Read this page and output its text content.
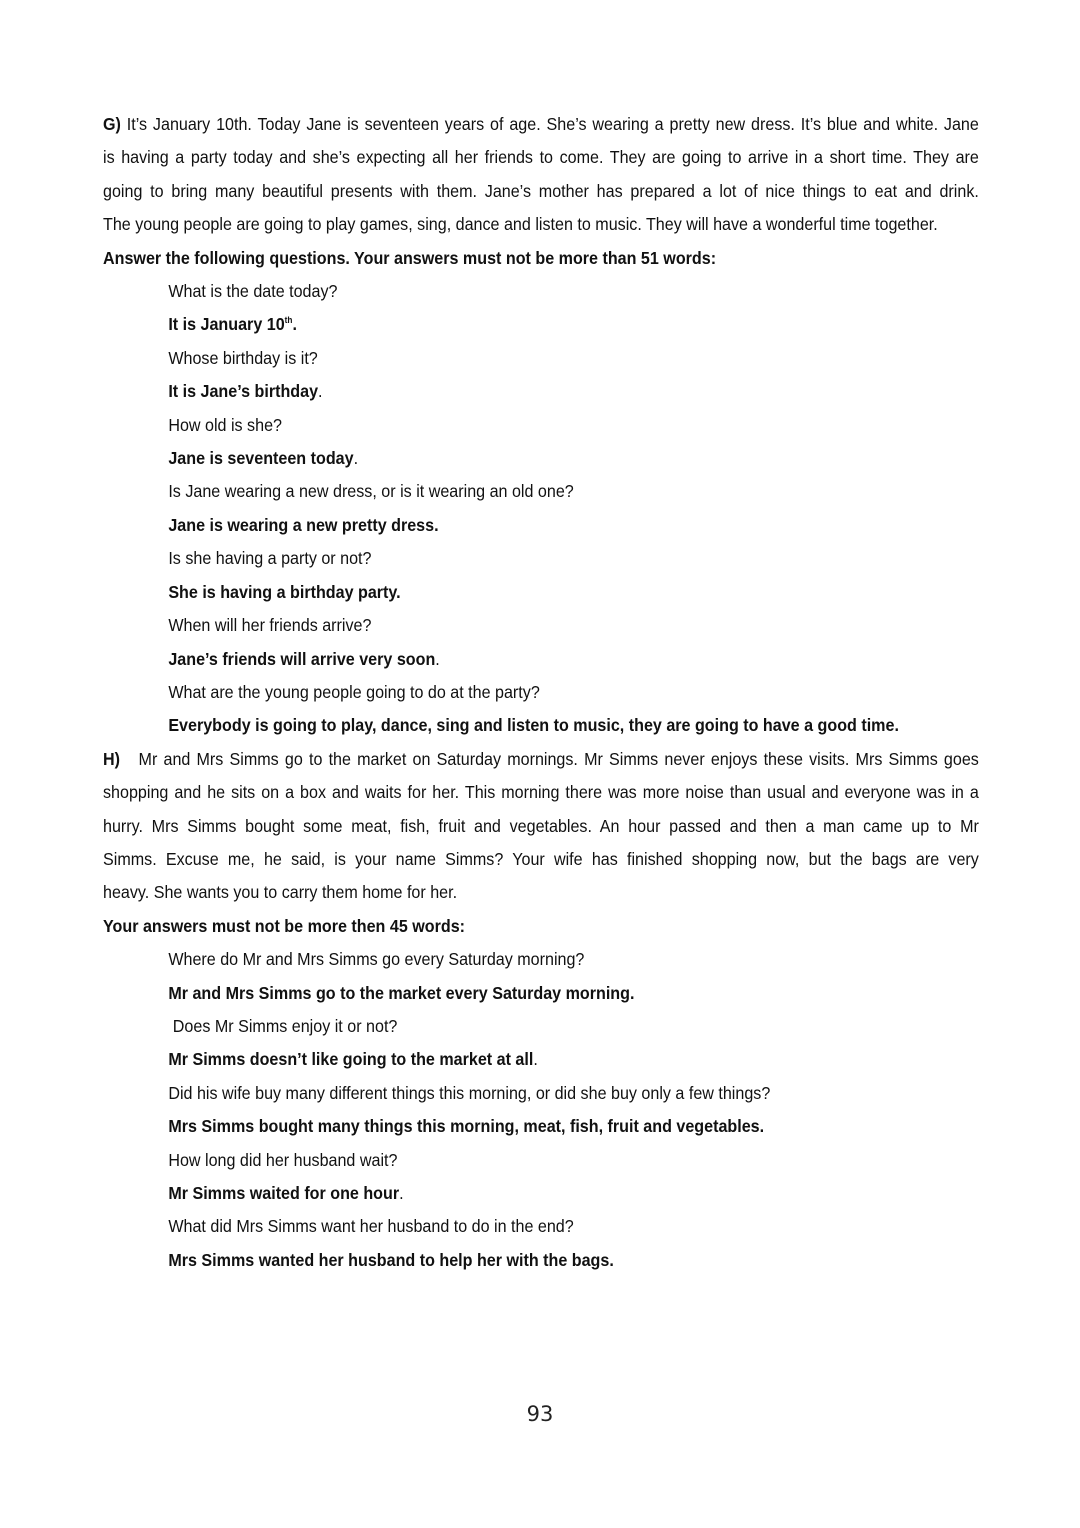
G) It’s January 10th. Today Jane is seventeen years of age. She’s wearing a pretty new dress. It’s blue and white. Jane
is having a party today and she’s expecting all her friends to come. They are going to arrive in a short time. They are
going to bring many beautiful presents with them. Jane’s mother has prepared a lot of nice things to eat and drink.
The young people are going to play games, sing, dance and listen to music. They will have a wonderful time together.
Answer the following questions. Your answers must not be more than 51 words:
What is the date today?
It is January 10th.
Whose birthday is it?
It is Jane’s birthday.
How old is she?
Jane is seventeen today.
Is Jane wearing a new dress, or is it wearing an old one?
Jane is wearing a new pretty dress.
Is she having a party or not?
She is having a birthday party.
When will her friends arrive?
Jane’s friends will arrive very soon.
What are the young people going to do at the party?
Everybody is going to play, dance, sing and listen to music, they are going to have a good time.
H) Mr and Mrs Simms go to the market on Saturday mornings. Mr Simms never enjoys these visits. Mrs Simms goes
shopping and he sits on a box and waits for her. This morning there was more noise than usual and everyone was in a
hurry. Mrs Simms bought some meat, fish, fruit and vegetables. An hour passed and then a man came up to Mr
Simms. Excuse me, he said, is your name Simms? Your wife has finished shopping now, but the bags are very
heavy. She wants you to carry them home for her.
Your answers must not be more then 45 words:
Where do Mr and Mrs Simms go every Saturday morning?
Mr and Mrs Simms go to the market every Saturday morning.
Does Mr Simms enjoy it or not?
Mr Simms doesn’t like going to the market at all.
Did his wife buy many different things this morning, or did she buy only a few things?
Mrs Simms bought many things this morning, meat, fish, fruit and vegetables.
How long did her husband wait?
Mr Simms waited for one hour.
What did Mrs Simms want her husband to do in the end?
Mrs Simms wanted her husband to help her with the bags.
93
